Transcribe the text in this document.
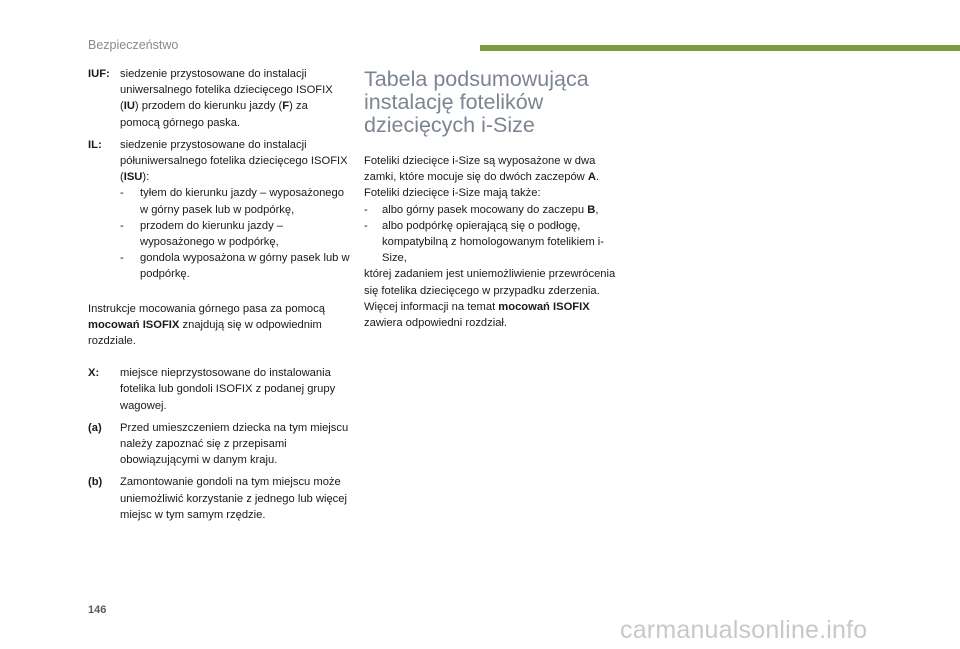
Bezpieczeństwo
IUF: siedzenie przystosowane do instalacji uniwersalnego fotelika dziecięcego ISOFIX (IU) przodem do kierunku jazdy (F) za pomocą górnego paska.
IL:	siedzenie przystosowane do instalacji półuniwersalnego fotelika dziecięcego ISOFIX (ISU):
-	tyłem do kierunku jazdy – wyposażonego w górny pasek lub w podpórkę,
-	przodem do kierunku jazdy – wyposażonego w podpórkę,
-	gondola wyposażona w górny pasek lub w podpórkę.
Instrukcje mocowania górnego pasa za pomocą mocowań ISOFIX znajdują się w odpowiednim rozdziale.
X:	miejsce nieprzystosowane do instalowania fotelika lub gondoli ISOFIX z podanej grupy wagowej.
(a)	Przed umieszczeniem dziecka na tym miejscu należy zapoznać się z przepisami obowiązującymi w danym kraju.
(b)	Zamontowanie gondoli na tym miejscu może uniemożliwić korzystanie z jednego lub więcej miejsc w tym samym rzędzie.
Tabela podsumowująca instalację fotelików dziecięcych i-Size
Foteliki dziecięce i-Size są wyposażone w dwa zamki, które mocuje się do dwóch zaczepów A.
Foteliki dziecięce i-Size mają także:
-	albo górny pasek mocowany do zaczepu B,
-	albo podpórkę opierającą się o podłogę, kompatybilną z homologowanym fotelikiem i-Size,
której zadaniem jest uniemożliwienie przewrócenia się fotelika dziecięcego w przypadku zderzenia.
Więcej informacji na temat mocowań ISOFIX zawiera odpowiedni rozdział.
146
carmanualsonline.info
